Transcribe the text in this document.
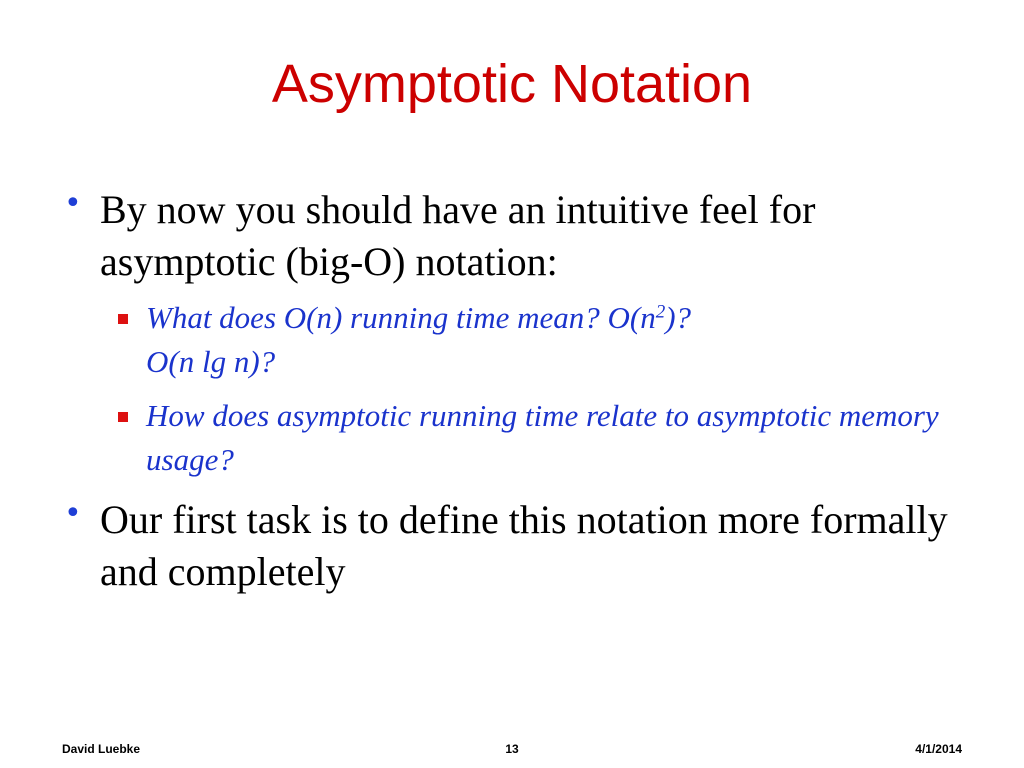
Asymptotic Notation
• By now you should have an intuitive feel for asymptotic (big-O) notation:
What does O(n) running time mean? $O(n^2)$?
O(n lg n)?
How does asymptotic running time relate to asymptotic memory usage?
• Our first task is to define this notation more formally and completely
David Luebke	13	4/1/2014
